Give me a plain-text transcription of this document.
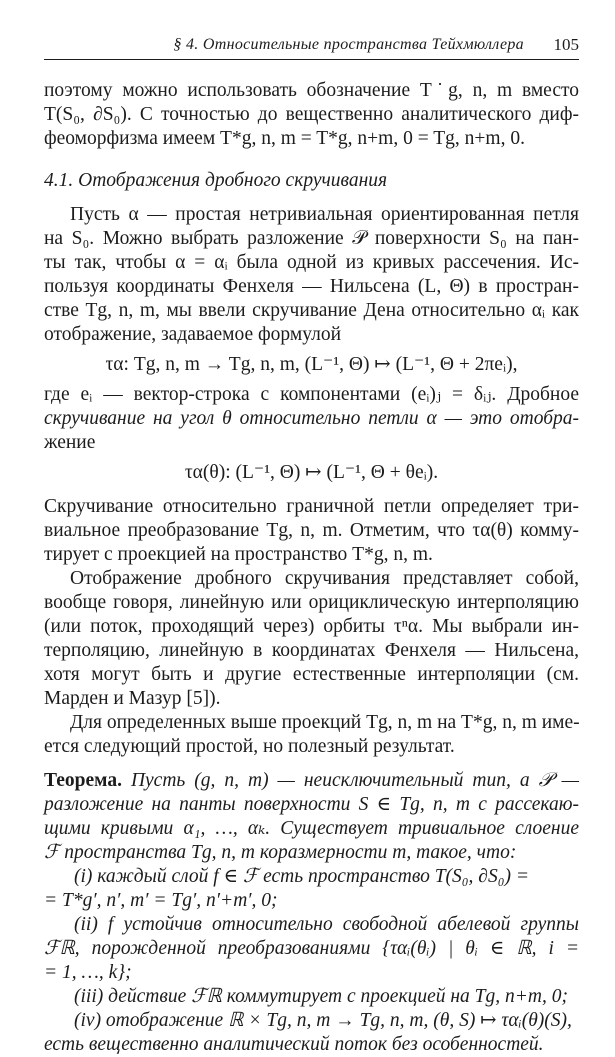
§ 4. Относительные пространства Тейхмюллера 105
поэтому можно использовать обозначение T˙g, n, m вместо
T(S₀, ∂S₀). С точностью до вещественно аналитического диф-
феоморфизма имеем T*g, n, m = T*g, n+m, 0 = Tg, n+m, 0.
4.1. Отображения дробного скручивания
Пусть α — простая нетривиальная ориентированная петля
на S₀. Можно выбрать разложение 𝒫 поверхности S₀ на пан-
ты так, чтобы α = αᵢ была одной из кривых рассечения. Ис-
пользуя координаты Фенхеля — Нильсена (L, Θ) в простран-
стве Tg, n, m, мы ввели скручивание Дена относительно αᵢ как
отображение, задаваемое формулой
τα: Tg, n, m → Tg, n, m, (L⁻¹, Θ) ↦ (L⁻¹, Θ + 2πeᵢ),
где eᵢ — вектор-строка с компонентами (eᵢ)ⱼ = δᵢⱼ. Дробное
скручивание на угол θ относительно петли α — это отобра-
жение
τα(θ): (L⁻¹, Θ) ↦ (L⁻¹, Θ + θeᵢ).
Скручивание относительно граничной петли определяет три-
виальное преобразование Tg, n, m. Отметим, что τα(θ) комму-
тирует с проекцией на пространство T*g, n, m.
Отображение дробного скручивания представляет собой,
вообще говоря, линейную или орициклическую интерполяцию
(или поток, проходящий через) орбиты τⁿα. Мы выбрали ин-
терполяцию, линейную в координатах Фенхеля — Нильсена,
хотя могут быть и другие естественные интерполяции (см.
Марден и Мазур [5]).
Для определенных выше проекций Tg, n, m на T*g, n, m име-
ется следующий простой, но полезный результат.
Теорема. Пусть (g, n, m) — неисключительный тип, а 𝒫 —
разложение на панты поверхности S ∈ Tg, n, m с рассекаю-
щими кривыми α₁, …, αₖ. Существует тривиальное слоение
ℱ пространства Tg, n, m коразмерности m, такое, что:
(i) каждый слой f ∈ ℱ есть пространство T(S₀, ∂S₀) =
= T*g′, n′, m′ = Tg′, n′+m′, 0;
(ii) f устойчив относительно свободной абелевой группы
ℱℝ, порожденной преобразованиями {ταᵢ(θᵢ) | θᵢ ∈ ℝ, i =
= 1, …, k};
(iii) действие ℱℝ коммутирует с проекцией на Tg, n+m, 0;
(iv) отображение ℝ × Tg, n, m → Tg, n, m, (θ, S) ↦ ταᵢ(θ)(S),
есть вещественно аналитический поток без особенностей.
